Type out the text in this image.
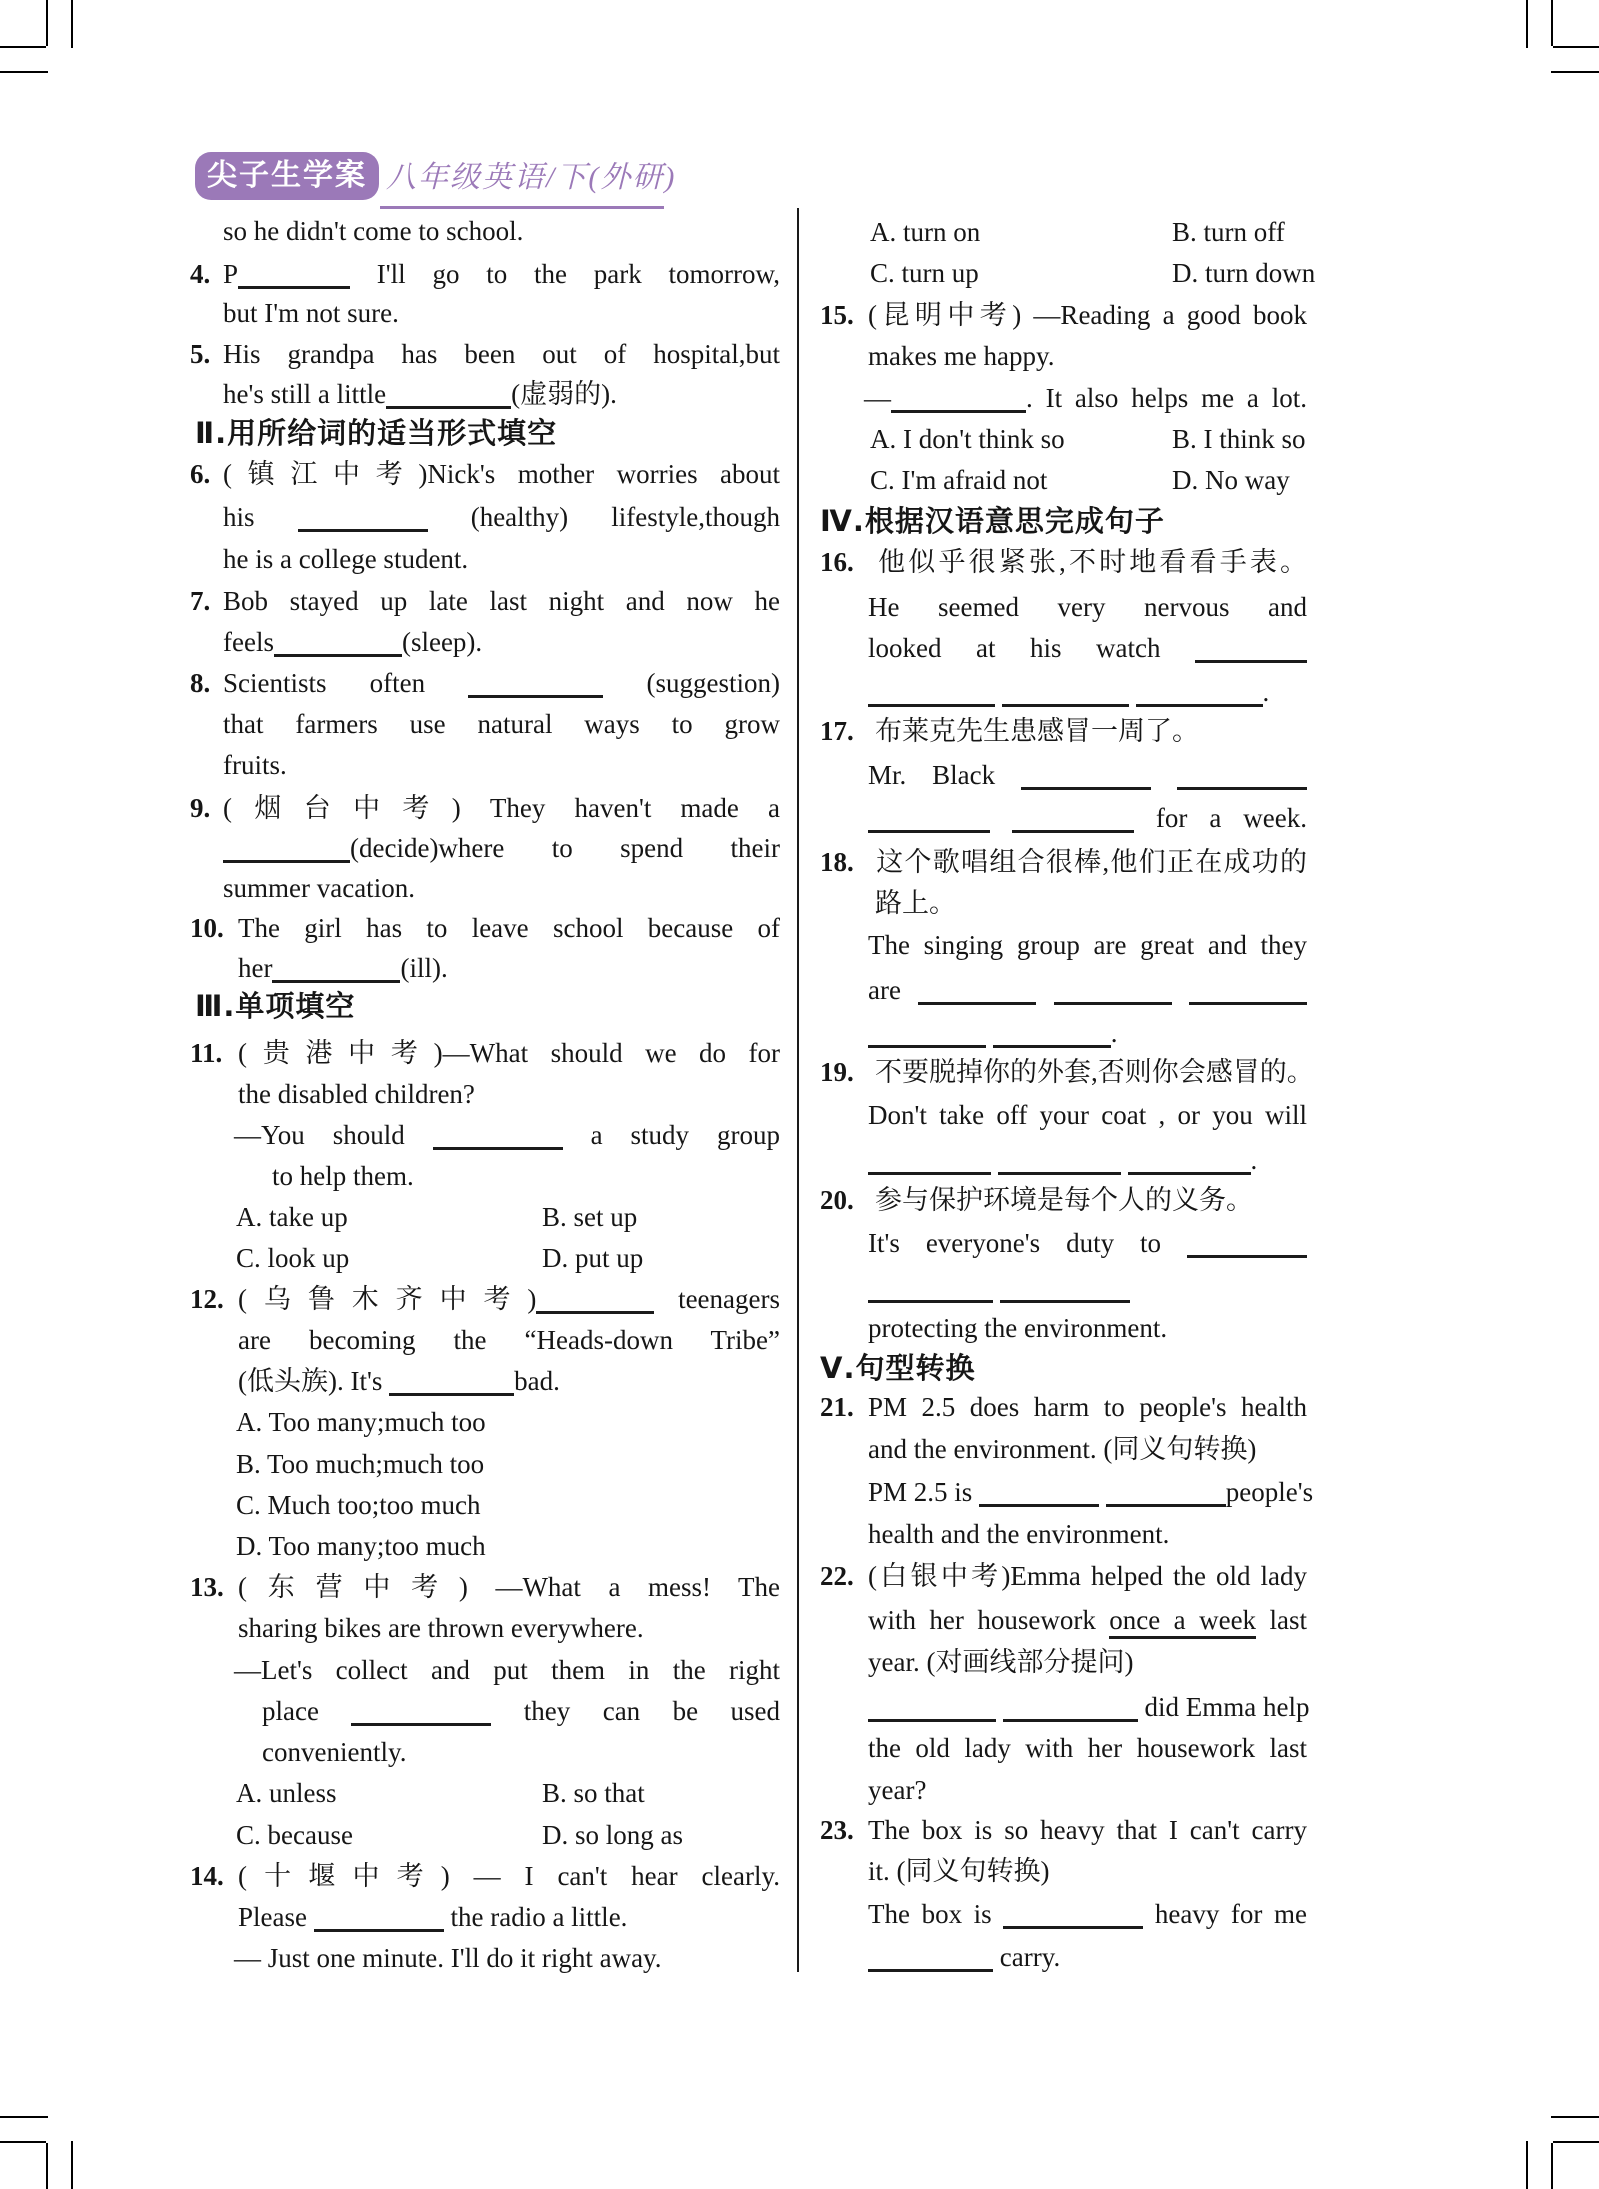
尖子生学案 八年级英语/下(外研)
so he didn't come to school.
4. P	I'll go to the park tomorrow,
but I'm not sure.
5. His grandpa has been out of hospital,but
he's still a little	(虚弱的).
Ⅱ.用所给词的适当形式填空
6. (镇江中考)Nick's mother worries about
his	(healthy) lifestyle,though
he is a college student.
7. Bob stayed up late last night and now he
feels	(sleep).
8. Scientists often	(suggestion)
that farmers use natural ways to grow
fruits.
9. (烟台中考) They haven't made a
(decide)where to spend their
summer vacation.
10. The girl has to leave school because of
her	(ill).
Ⅲ.单项填空
11. (贵港中考)—What should we do for
the disabled children?
—You should	a study group
to help them.
A. take up	B. set up
C. look up	D. put up
12. (乌鲁木齐中考)	teenagers
are becoming the “Heads-down Tribe”
(低头族). It's	bad.
A. Too many;much too
B. Too much;much too
C. Much too;too much
D. Too many;too much
13. (东营中考) —What a mess! The
sharing bikes are thrown everywhere.
—Let's collect and put them in the right
place	they can be used
conveniently.
A. unless	B. so that
C. because	D. so long as
14. (十堰中考) — I can't hear clearly.
Please	the radio a little.
— Just one minute. I'll do it right away.
A. turn on	B. turn off
C. turn up	D. turn down
15. (昆明中考) —Reading a good book
makes me happy.
—	. It also helps me a lot.
A. I don't think so	B. I think so
C. I'm afraid not	D. No way
Ⅳ.根据汉语意思完成句子
16. 他似乎很紧张,不时地看看手表。
He seemed very nervous and
looked at his watch
.
17. 布莱克先生患感冒一周了。
Mr. Black
for a week.
18. 这个歌唱组合很棒,他们正在成功的
路上。
The singing group are great and they
are
.
19. 不要脱掉你的外套,否则你会感冒的。
Don't take off your coat , or you will
.
20. 参与保护环境是每个人的义务。
It's everyone's duty to

protecting the environment.
Ⅴ.句型转换
21. PM 2.5 does harm to people's health
and the environment. (同义句转换)
PM 2.5 is	people's
health and the environment.
22. (白银中考)Emma helped the old lady
with her housework once a week last
year. (对画线部分提问)
did Emma help
the old lady with her housework last
year?
23. The box is so heavy that I can't carry
it. (同义句转换)
The box is	heavy for me
carry.
